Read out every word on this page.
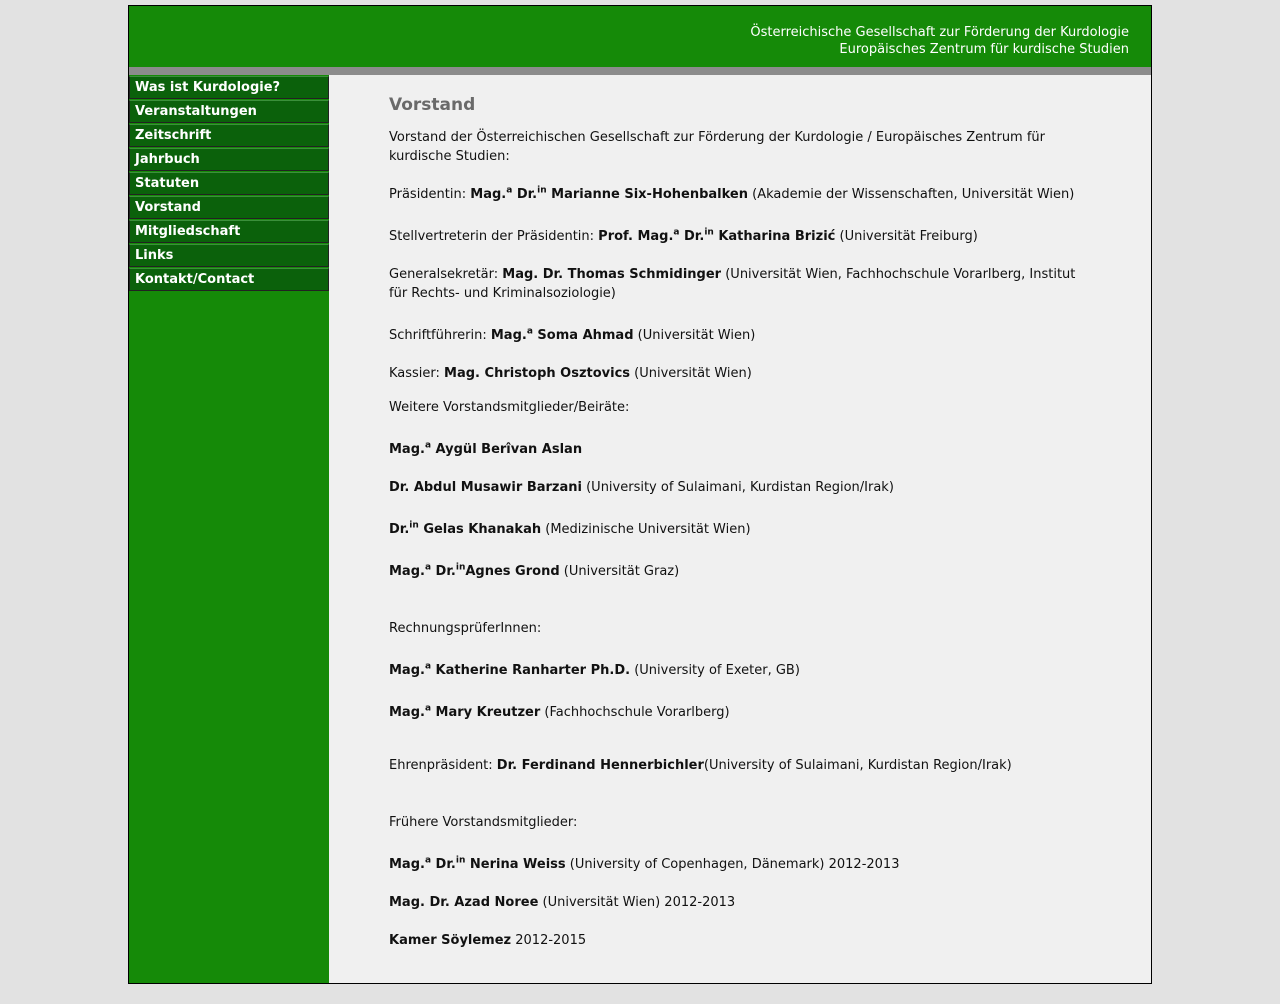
Österreichische Gesellschaft zur Förderung der Kurdologie
Europäisches Zentrum für kurdische Studien
Was ist Kurdologie?
Veranstaltungen
Zeitschrift
Jahrbuch
Statuten
Vorstand
Mitgliedschaft
Links
Kontakt/Contact
Vorstand

Vorstand der Österreichischen Gesellschaft zur Förderung der Kurdologie / Europäisches Zentrum für kurdische Studien:

Präsidentin: Mag.$^a$ Dr.$^{in}$ Marianne Six-Hohenbalken (Akademie der Wissenschaften, Universität Wien)

Stellvertreterin der Präsidentin: Prof. Mag.$^a$ Dr.$^{in}$ Katharina Brizić (Universität Freiburg)

Generalsekretär: Mag. Dr. Thomas Schmidinger (Universität Wien, Fachhochschule Vorarlberg, Institut für Rechts- und Kriminalsoziologie)

Schriftführerin: Mag.$^a$ Soma Ahmad (Universität Wien)

Kassier: Mag. Christoph Osztovics (Universität Wien)

Weitere Vorstandsmitglieder/Beiräte:

Mag.$^a$ Aygül Berîvan Aslan

Dr. Abdul Musawir Barzani (University of Sulaimani, Kurdistan Region/Irak)

Dr.$^{in}$ Gelas Khanakah (Medizinische Universität Wien)

Mag.$^a$ Dr.$^{in}$Agnes Grond (Universität Graz)

RechnungsprüferInnen:

Mag.$^a$ Katherine Ranharter Ph.D. (University of Exeter, GB)

Mag.$^a$ Mary Kreutzer (Fachhochschule Vorarlberg)

Ehrenpräsident: Dr. Ferdinand Hennerbichler(University of Sulaimani, Kurdistan Region/Irak)

Frühere Vorstandsmitglieder:

Mag.$^a$ Dr.$^{in}$ Nerina Weiss (University of Copenhagen, Dänemark) 2012-2013

Mag. Dr. Azad Noree (Universität Wien) 2012-2013

Kamer Söylemez 2012-2015
